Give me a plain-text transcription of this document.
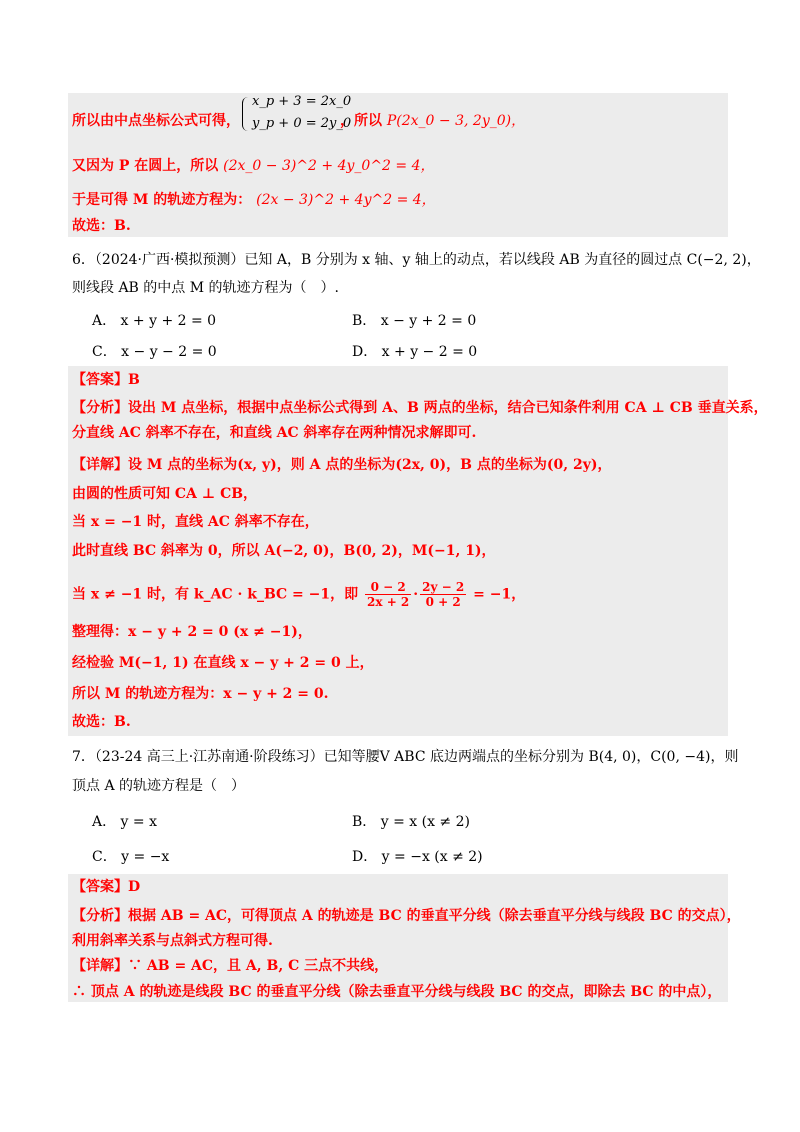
所以由中点坐标公式可得，
x_p + 3 = 2x_0
y_p + 0 = 2y_0
，所以 P(2x_0 − 3, 2y_0)，
又因为 P 在圆上，所以 (2x_0 − 3)^2 + 4y_0^2 = 4，
于是可得 M 的轨迹方程为： (2x − 3)^2 + 4y^2 = 4，
故选：B.
6．（2024·广西·模拟预测）已知 A，B 分别为 x 轴、y 轴上的动点，若以线段 AB 为直径的圆过点 C(−2, 2)，
则线段 AB 的中点 M 的轨迹方程为（　）.
A． x + y + 2 = 0	B． x − y + 2 = 0
C． x − y − 2 = 0	D． x + y − 2 = 0
【答案】B
【分析】设出 M 点坐标，根据中点坐标公式得到 A、B 两点的坐标，结合已知条件利用 CA ⊥ CB 垂直关系，
分直线 AC 斜率不存在，和直线 AC 斜率存在两种情况求解即可.
【详解】设 M 点的坐标为(x, y)，则 A 点的坐标为(2x, 0)，B 点的坐标为(0, 2y)，
由圆的性质可知 CA ⊥ CB，
当 x = −1 时，直线 AC 斜率不存在，
此时直线 BC 斜率为 0，所以 A(−2, 0)，B(0, 2)，M(−1, 1)，
当 x ≠ −1 时，有 k_AC · k_BC = −1，即 $\frac{0 - 2}{2x + 2} \cdot \frac{2y - 2}{0 + 2} = -1$，
整理得：x − y + 2 = 0 (x ≠ −1)，
经检验 M(−1, 1) 在直线 x − y + 2 = 0 上，
所以 M 的轨迹方程为：x − y + 2 = 0.
故选：B.
7．（23-24 高三上·江苏南通·阶段练习）已知等腰V ABC 底边两端点的坐标分别为 B(4, 0)，C(0, −4)，则
顶点 A 的轨迹方程是（　）
A． y = x	B． y = x (x ≠ 2)
C． y = −x	D． y = −x (x ≠ 2)
【答案】D
【分析】根据 AB = AC，可得顶点 A 的轨迹是 BC 的垂直平分线（除去垂直平分线与线段 BC 的交点），
利用斜率关系与点斜式方程可得.
【详解】∵ AB = AC，且 A, B, C 三点不共线，
∴ 顶点 A 的轨迹是线段 BC 的垂直平分线（除去垂直平分线与线段 BC 的交点，即除去 BC 的中点），
